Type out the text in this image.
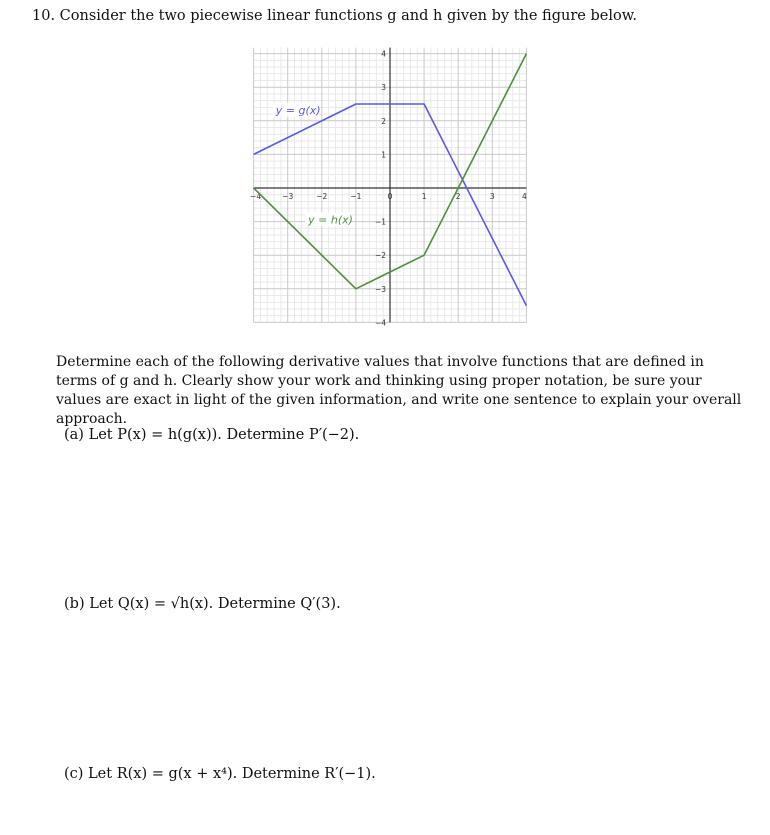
10. Consider the two piecewise linear functions g and h given by the figure below.
−4	−3	−2	−1	0	1	2	3	4
−4
−3
−2
−1
1
2
3
4
y = g(x)
y = h(x)
Determine each of the following derivative values that involve functions that are defined in terms of g and h. Clearly show your work and thinking using proper notation, be sure your values are exact in light of the given information, and write one sentence to explain your overall approach.
(a) Let P(x) = h(g(x)). Determine P′(−2).
(b) Let Q(x) = √h(x). Determine Q′(3).
(c) Let R(x) = g(x + x⁴). Determine R′(−1).
